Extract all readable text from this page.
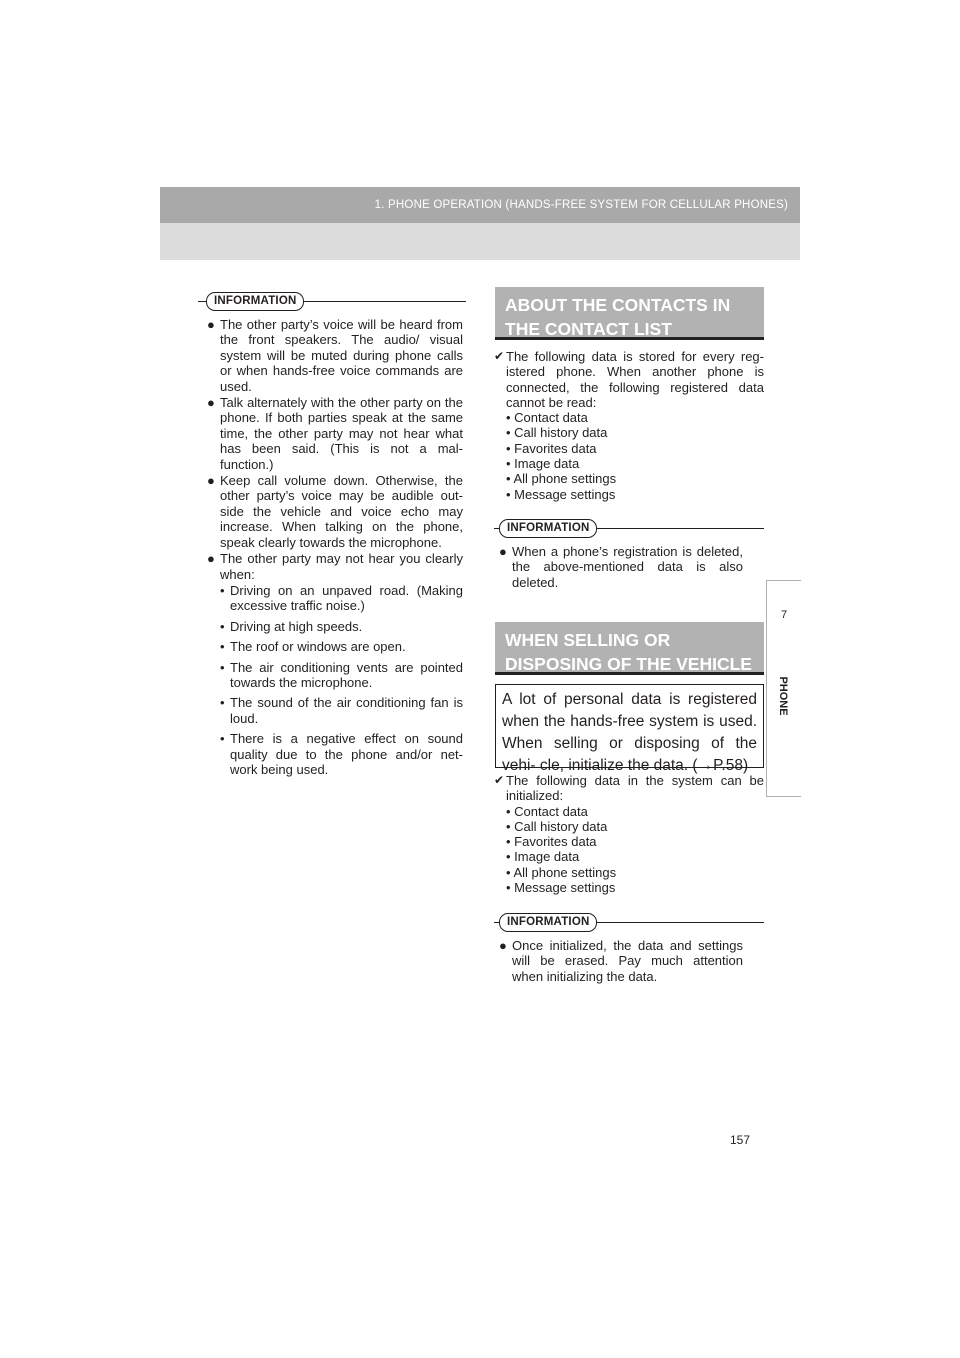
1. PHONE OPERATION (HANDS-FREE SYSTEM FOR CELLULAR PHONES)
7
PHONE
INFORMATION
● The other party’s voice will be heard from the front speakers. The audio/ visual system will be muted during phone calls or when hands-free voice commands are used.
● Talk alternately with the other party on the phone. If both parties speak at the same time, the other party may not hear what has been said. (This is not a mal- function.)
● Keep call volume down. Otherwise, the other party’s voice may be audible out- side the vehicle and voice echo may increase. When talking on the phone, speak clearly towards the microphone.
● The other party may not hear you clearly when:
• Driving on an unpaved road. (Making excessive traffic noise.)
• Driving at high speeds.
• The roof or windows are open.
• The air conditioning vents are pointed towards the microphone.
• The sound of the air conditioning fan is loud.
• There is a negative effect on sound quality due to the phone and/or net- work being used.
ABOUT THE CONTACTS IN
THE CONTACT LIST
✔ The following data is stored for every reg- istered phone. When another phone is connected, the following registered data cannot be read:
• Contact data
• Call history data
• Favorites data
• Image data
• All phone settings
• Message settings
INFORMATION
● When a phone’s registration is deleted, the above-mentioned data is also deleted.
WHEN SELLING OR
DISPOSING OF THE VEHICLE
A lot of personal data is registered when the hands-free system is used. When selling or disposing of the vehi- cle, initialize the data. (→P.58)
✔ The following data in the system can be initialized:
• Contact data
• Call history data
• Favorites data
• Image data
• All phone settings
• Message settings
INFORMATION
● Once initialized, the data and settings will be erased. Pay much attention when initializing the data.
157
